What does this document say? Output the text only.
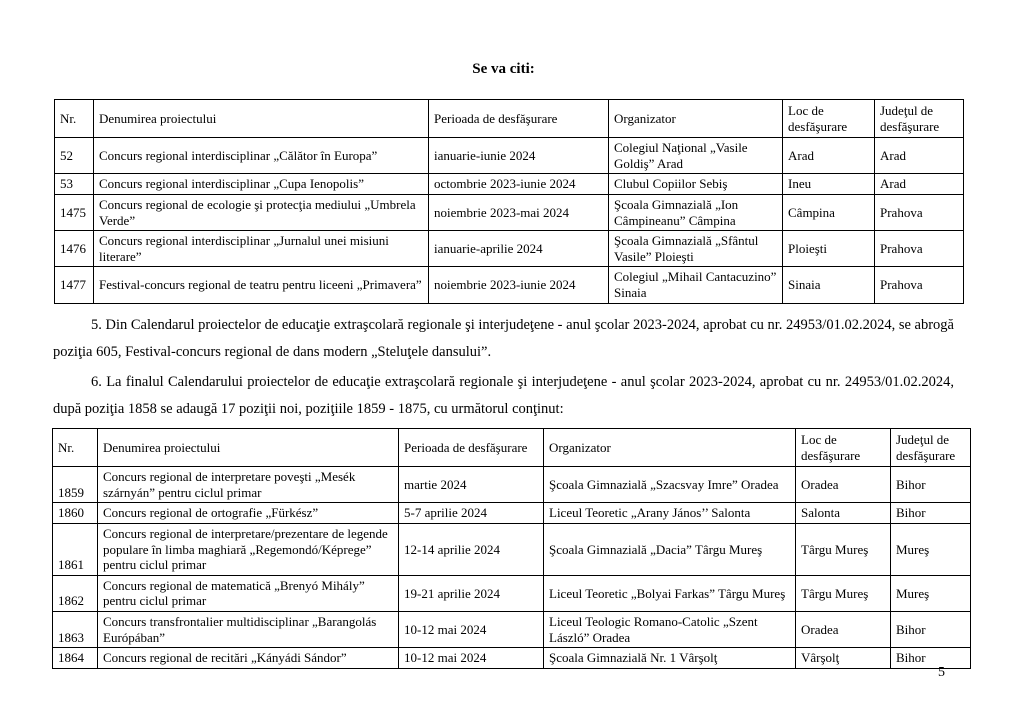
Se va citi:
Nr.	Denumirea proiectului	Perioada de desfăşurare	Organizator	Loc de desfăşurare	Judeţul de desfăşurare
52	Concurs regional interdisciplinar „Călător în Europa”	ianuarie-iunie 2024	Colegiul Naţional „Vasile Goldiş” Arad	Arad	Arad
53	Concurs regional interdisciplinar „Cupa Ienopolis”	octombrie 2023-iunie 2024	Clubul Copiilor Sebiş	Ineu	Arad
1475	Concurs regional de ecologie şi protecţia mediului „Umbrela Verde”	noiembrie 2023-mai 2024	Şcoala Gimnazială „Ion Câmpineanu” Câmpina	Câmpina	Prahova
1476	Concurs regional interdisciplinar „Jurnalul unei misiuni literare”	ianuarie-aprilie 2024	Şcoala Gimnazială „Sfântul Vasile” Ploieşti	Ploieşti	Prahova
1477	Festival-concurs regional de teatru pentru liceeni „Primavera”	noiembrie 2023-iunie 2024	Colegiul „Mihail Cantacuzino” Sinaia	Sinaia	Prahova

5. Din Calendarul proiectelor de educaţie extraşcolară regionale şi interjudeţene - anul şcolar 2023-2024, aprobat cu nr. 24953/01.02.2024, se abrogă poziţia 605, Festival-concurs regional de dans modern „Steluţele dansului”.

6. La finalul Calendarului proiectelor de educaţie extraşcolară regionale şi interjudeţene - anul şcolar 2023-2024, aprobat cu nr. 24953/01.02.2024, după poziţia 1858 se adaugă 17 poziţii noi, poziţiile 1859 - 1875, cu următorul conţinut:

Nr.	Denumirea proiectului	Perioada de desfăşurare	Organizator	Loc de desfăşurare	Judeţul de desfăşurare
1859	Concurs regional de interpretare poveşti „Mesék szárnyán” pentru ciclul primar	martie 2024	Şcoala Gimnazială „Szacsvay Imre” Oradea	Oradea	Bihor
1860	Concurs regional de ortografie „Fürkész”	5-7 aprilie 2024	Liceul Teoretic „Arany János’’ Salonta	Salonta	Bihor
1861	Concurs regional de interpretare/prezentare de legende populare în limba maghiară „Regemondó/Képrege” pentru ciclul primar	12-14 aprilie 2024	Şcoala Gimnazială „Dacia” Târgu Mureş	Târgu Mureş	Mureş
1862	Concurs regional de matematică „Brenyó Mihály” pentru ciclul primar	19-21 aprilie 2024	Liceul Teoretic „Bolyai Farkas” Târgu Mureş	Târgu Mureş	Mureş
1863	Concurs transfrontalier multidisciplinar „Barangolás Európában”	10-12 mai 2024	Liceul Teologic Romano-Catolic „Szent László” Oradea	Oradea	Bihor
1864	Concurs regional de recitări „Kányádi Sándor”	10-12 mai 2024	Şcoala Gimnazială Nr. 1 Vârşolţ	Vârşolţ	Bihor
5
